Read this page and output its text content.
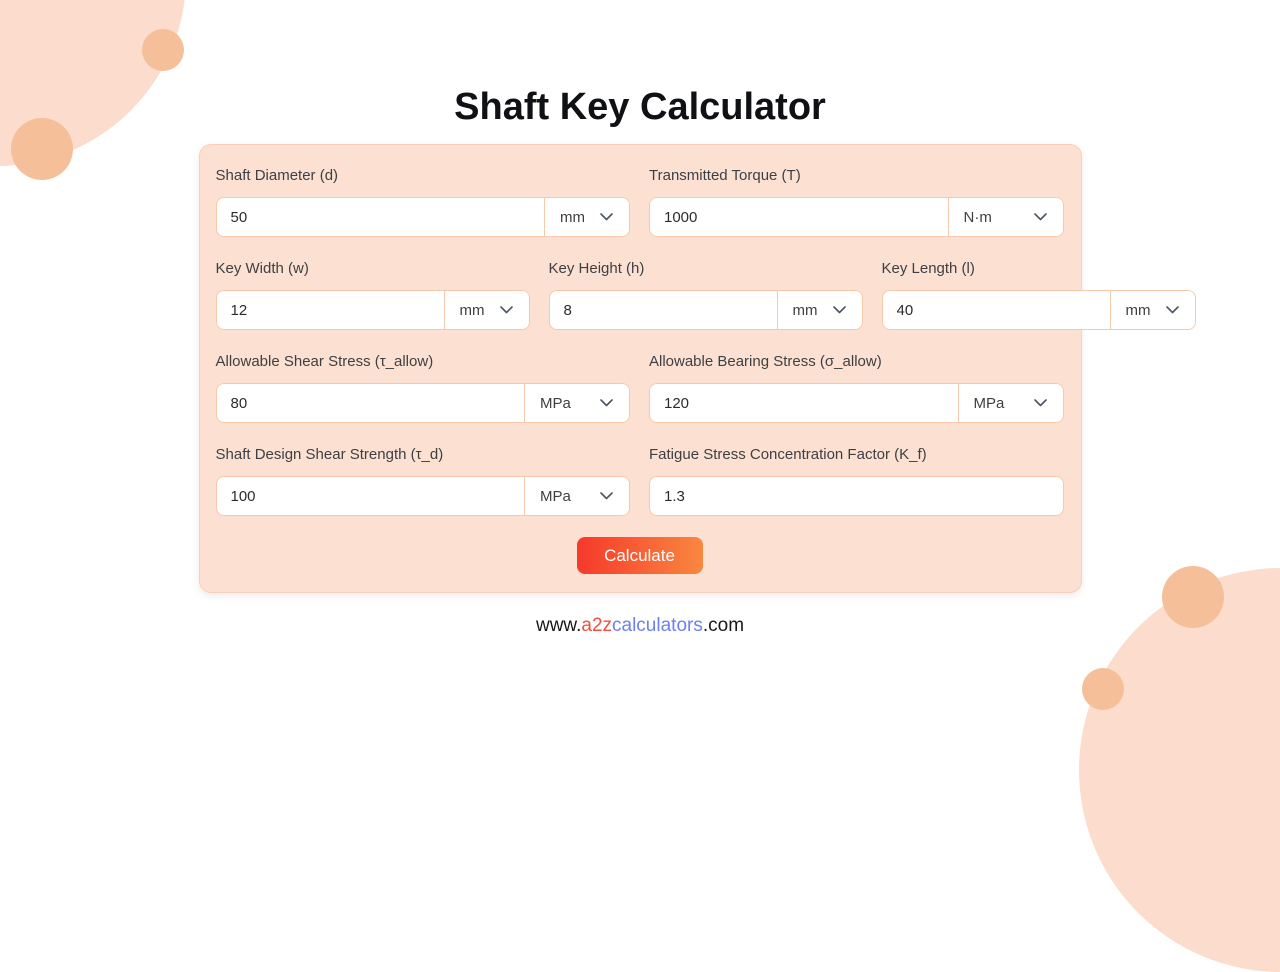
Shaft Key Calculator
Shaft Diameter (d)
50
mm
Transmitted Torque (T)
1000
N·m
Key Width (w)
12
mm
Key Height (h)
8
mm
Key Length (l)
40
mm
Allowable Shear Stress (τ_allow)
80
MPa
Allowable Bearing Stress (σ_allow)
120
MPa
Shaft Design Shear Strength (τ_d)
100
MPa
Fatigue Stress Concentration Factor (K_f)
1.3
Calculate
www.a2zcalculators.com
